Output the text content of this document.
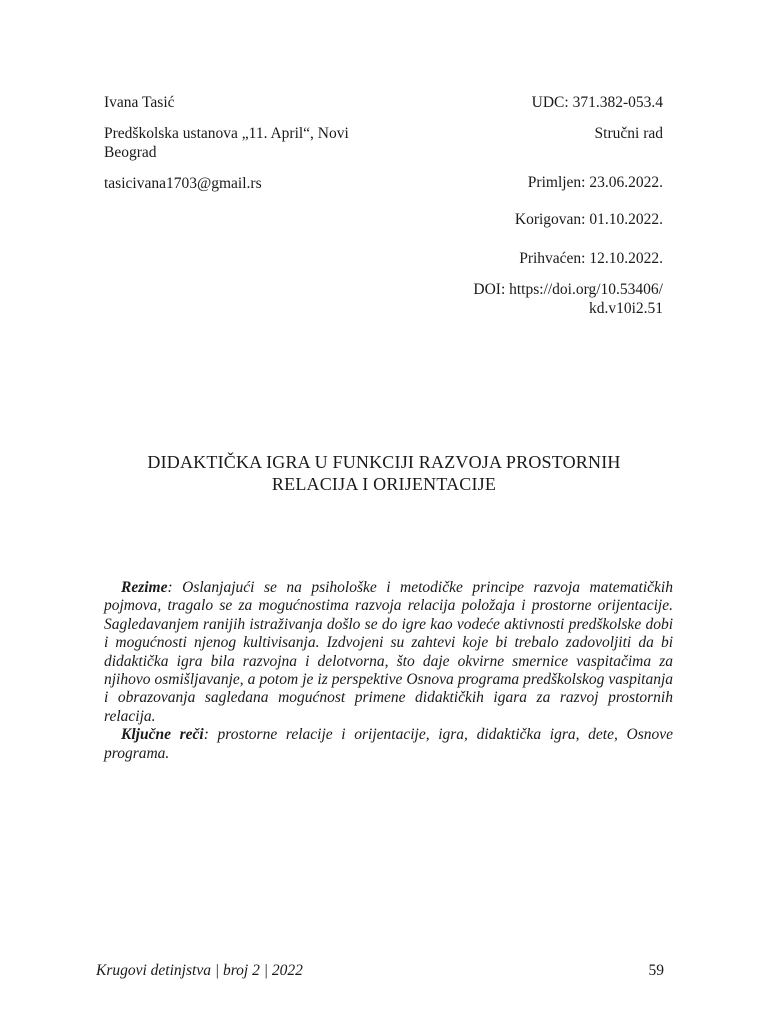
Ivana Tasić
Predškolska ustanova „11. April“, Novi Beograd
tasicivana1703@gmail.rs
UDC: 371.382-053.4
Stručni rad
Primljen: 23.06.2022.
Korigovan: 01.10.2022.
Prihvaćen: 12.10.2022.
DOI: https://doi.org/10.53406/
kd.v10i2.51
DIDAKTIČKA IGRA U FUNKCIJI RAZVOJA PROSTORNIH
RELACIJA I ORIJENTACIJE

Rezime: Oslanjajući se na psihološke i metodičke principe razvoja matematičkih pojmova, tragalo se za mogućnostima razvoja relacija položaja i prostorne orijentacije. Sagledavanjem ranijih istraživanja došlo se do igre kao vodeće aktivnosti predškolske dobi i mogućnosti njenog kultivisanja. Izdvojeni su zahtevi koje bi trebalo zadovoljiti da bi didaktička igra bila razvojna i delotvorna, što daje okvirne smernice vaspitačima za njihovo osmišljavanje, a potom je iz perspektive Osnova programa predškolskog vaspitanja i obrazovanja sagledana mogućnost primene didaktičkih igara za razvoj prostornih relacija.

Ključne reči: prostorne relacije i orijentacije, igra, didaktička igra, dete, Osnove programa.

Krugovi detinjstva | broj 2 | 2022	59
